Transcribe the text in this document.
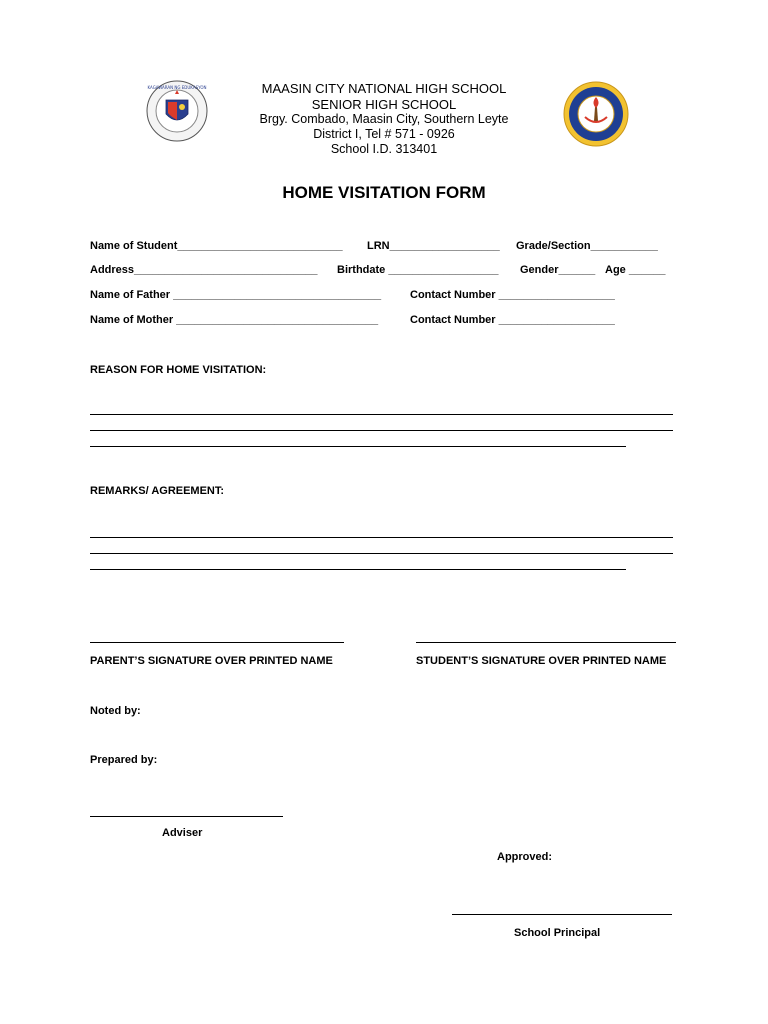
KAGAWARAN NG EDUKASYON	MAASIN CITY NATIONAL HIGH SCHOOL
SENIOR HIGH SCHOOL
Brgy. Combado, Maasin City, Southern Leyte
District I, Tel # 571 - 0926
School I.D. 313401
HOME VISITATION FORM
Name of Student___________________________ LRN__________________ Grade/Section___________
Address______________________________ Birthdate __________________ Gender______ Age ______
Name of Father __________________________________	Contact Number ___________________
Name of Mother _________________________________	Contact Number ___________________
REASON FOR HOME VISITATION:
REMARKS/ AGREEMENT:
PARENT’S SIGNATURE OVER PRINTED NAME	STUDENT’S SIGNATURE OVER PRINTED NAME
Noted by:
Prepared by:
Adviser
Approved:
School Principal
